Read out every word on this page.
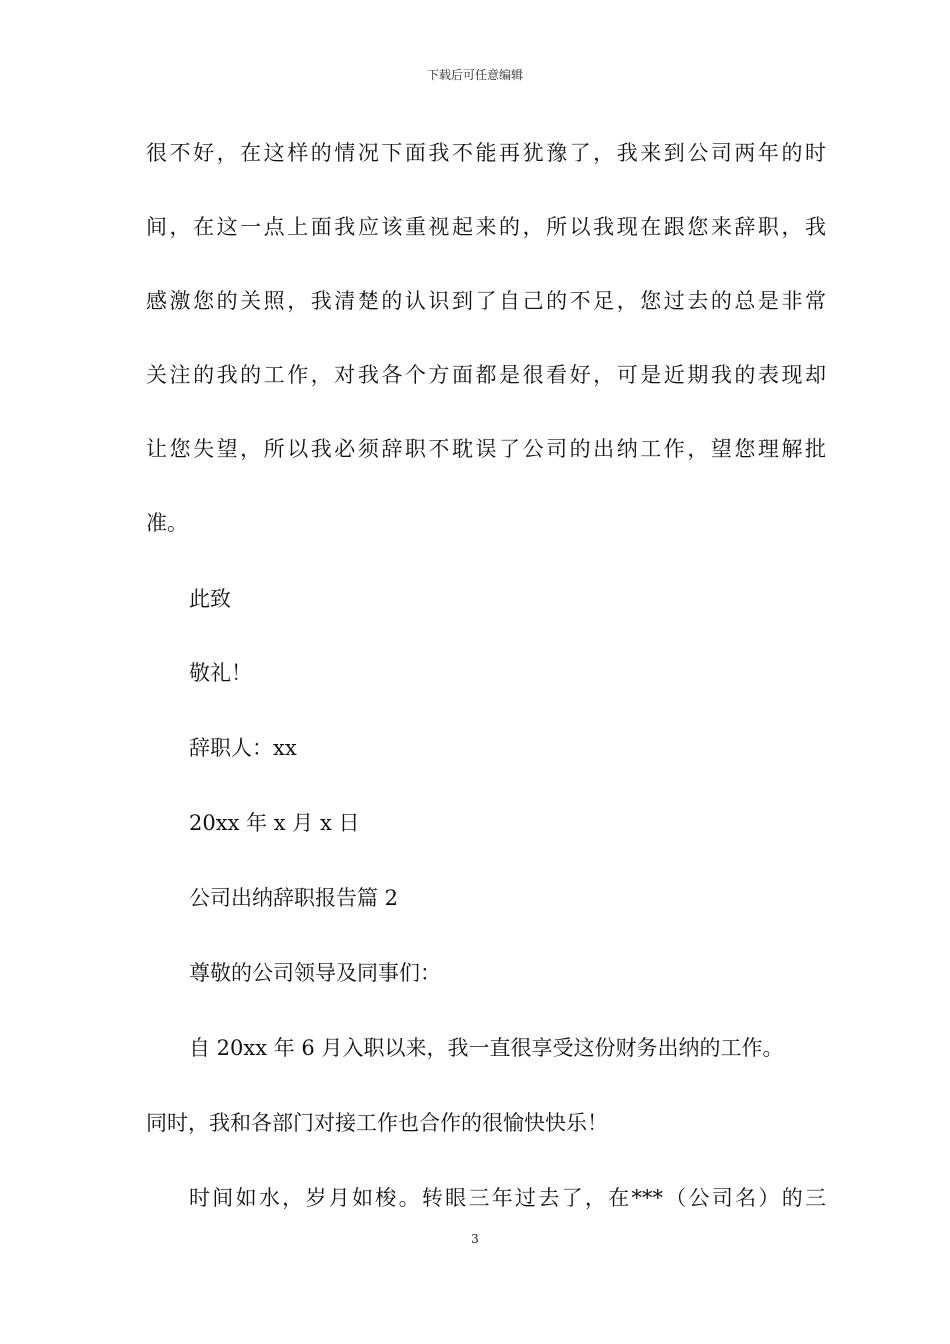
下载后可任意编辑
很不好，在这样的情况下面我不能再犹豫了，我来到公司两年的时
间，在这一点上面我应该重视起来的，所以我现在跟您来辞职，我
感激您的关照，我清楚的认识到了自己的不足，您过去的总是非常
关注的我的工作，对我各个方面都是很看好，可是近期我的表现却
让您失望，所以我必须辞职不耽误了公司的出纳工作，望您理解批
准。
此致
敬礼！
辞职人：xx
20xx 年 x 月 x 日
公司出纳辞职报告篇 2
尊敬的公司领导及同事们：
自 20xx 年 6 月入职以来，我一直很享受这份财务出纳的工作。
同时，我和各部门对接工作也合作的很愉快快乐！
时间如水，岁月如梭。转眼三年过去了，在***（公司名）的三
3
